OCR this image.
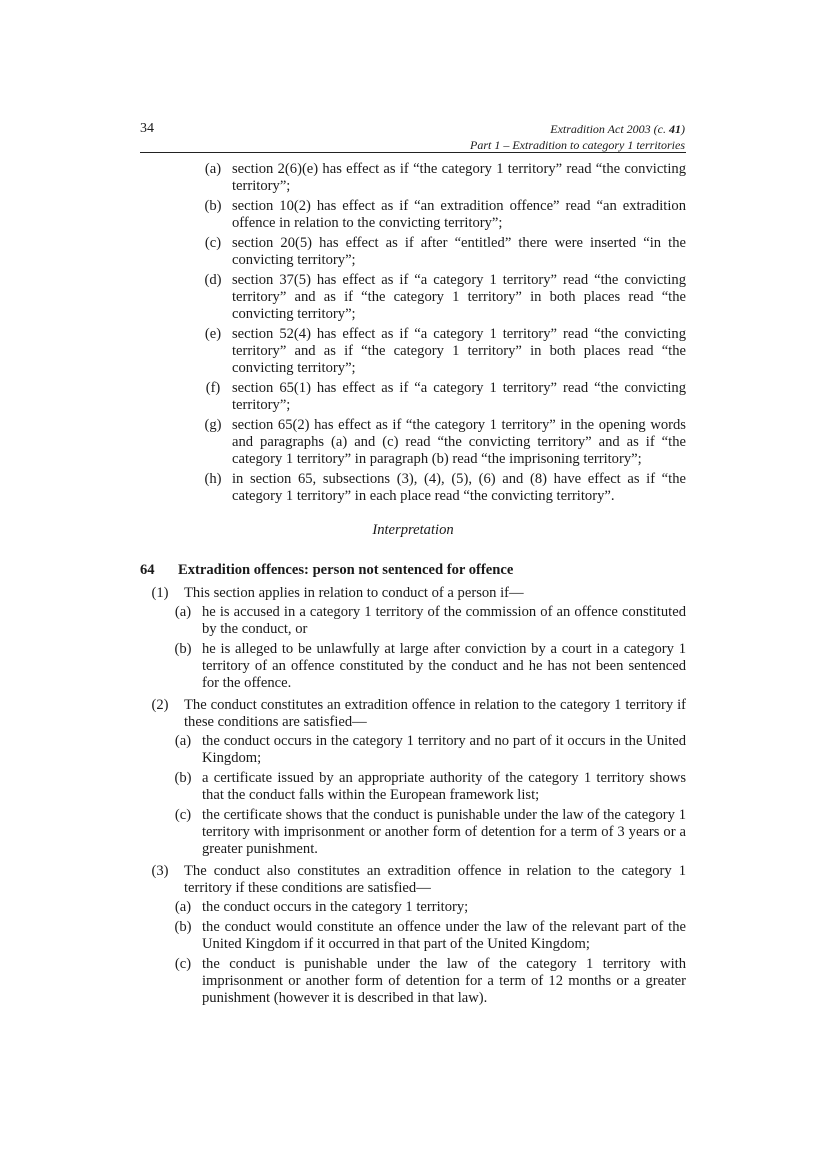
34	Extradition Act 2003 (c. 41)
Part 1 – Extradition to category 1 territories
(a) section 2(6)(e) has effect as if “the category 1 territory” read “the convicting territory”;
(b) section 10(2) has effect as if “an extradition offence” read “an extradition offence in relation to the convicting territory”;
(c) section 20(5) has effect as if after “entitled” there were inserted “in the convicting territory”;
(d) section 37(5) has effect as if “a category 1 territory” read “the convicting territory” and as if “the category 1 territory” in both places read “the convicting territory”;
(e) section 52(4) has effect as if “a category 1 territory” read “the convicting territory” and as if “the category 1 territory” in both places read “the convicting territory”;
(f) section 65(1) has effect as if “a category 1 territory” read “the convicting territory”;
(g) section 65(2) has effect as if “the category 1 territory” in the opening words and paragraphs (a) and (c) read “the convicting territory” and as if “the category 1 territory” in paragraph (b) read “the imprisoning territory”;
(h) in section 65, subsections (3), (4), (5), (6) and (8) have effect as if “the category 1 territory” in each place read “the convicting territory”.
Interpretation
64	Extradition offences: person not sentenced for offence
(1)	This section applies in relation to conduct of a person if—
(a) he is accused in a category 1 territory of the commission of an offence constituted by the conduct, or
(b) he is alleged to be unlawfully at large after conviction by a court in a category 1 territory of an offence constituted by the conduct and he has not been sentenced for the offence.
(2)	The conduct constitutes an extradition offence in relation to the category 1 territory if these conditions are satisfied—
(a) the conduct occurs in the category 1 territory and no part of it occurs in the United Kingdom;
(b) a certificate issued by an appropriate authority of the category 1 territory shows that the conduct falls within the European framework list;
(c) the certificate shows that the conduct is punishable under the law of the category 1 territory with imprisonment or another form of detention for a term of 3 years or a greater punishment.
(3)	The conduct also constitutes an extradition offence in relation to the category 1 territory if these conditions are satisfied—
(a) the conduct occurs in the category 1 territory;
(b) the conduct would constitute an offence under the law of the relevant part of the United Kingdom if it occurred in that part of the United Kingdom;
(c) the conduct is punishable under the law of the category 1 territory with imprisonment or another form of detention for a term of 12 months or a greater punishment (however it is described in that law).
